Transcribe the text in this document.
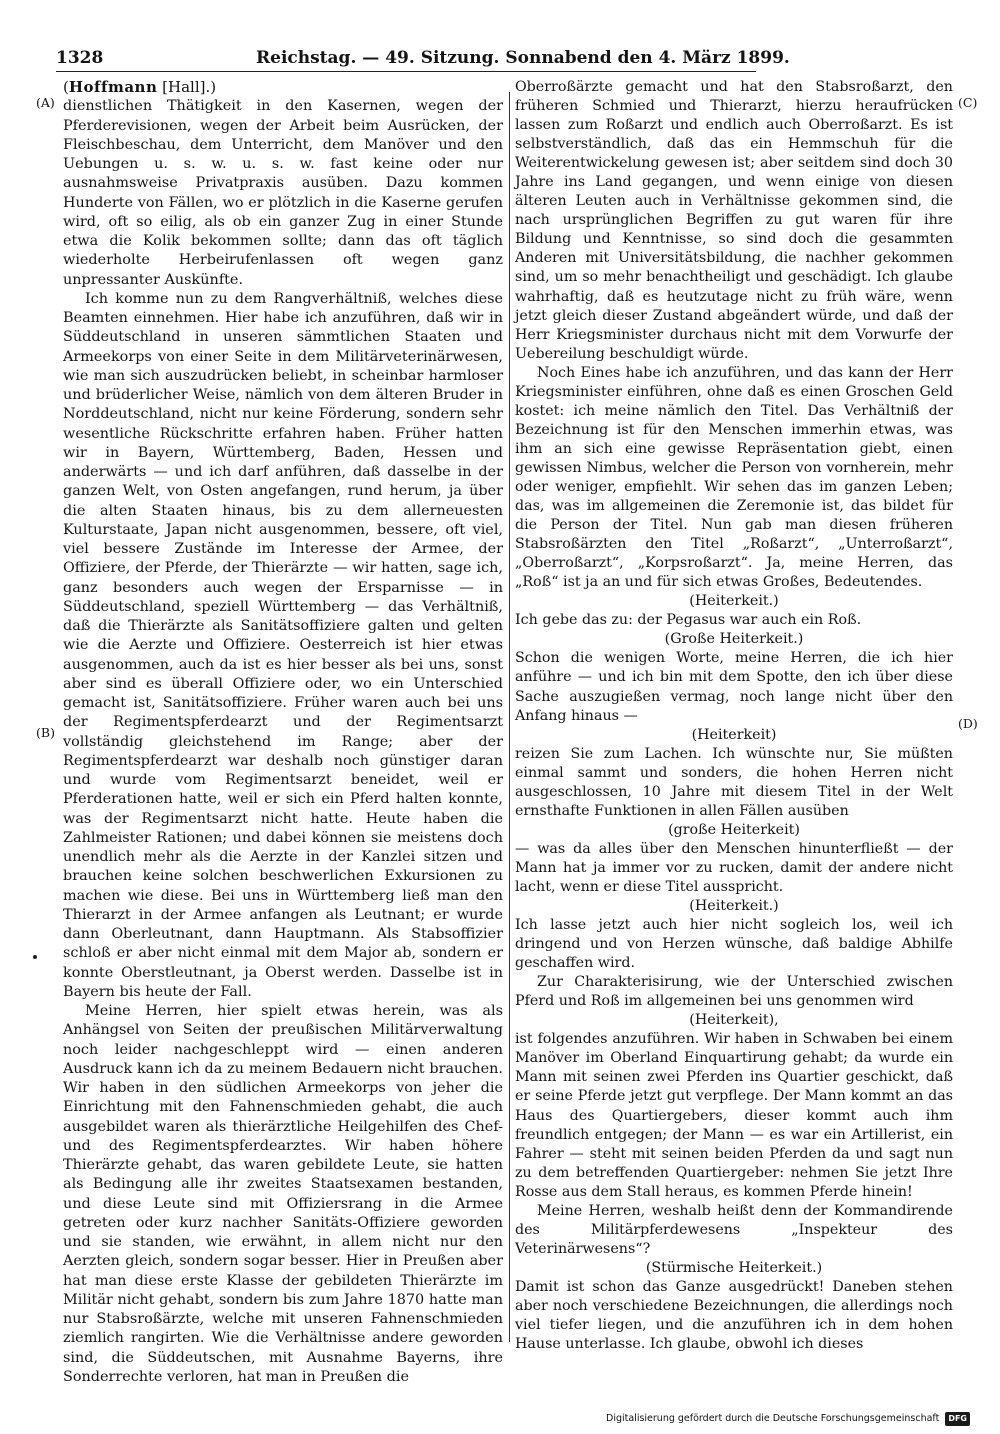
1328	Reichstag. — 49. Sitzung. Sonnabend den 4. März 1899.
(A)
(B)
(C)
(D)

(Hoffmann [Hall].)

dienstlichen Thätigkeit in den Kasernen, wegen der Pferderevisionen, wegen der Arbeit beim Ausrücken, der Fleischbeschau, dem Unterricht, dem Manöver und den Uebungen u. s. w. u. s. w. fast keine oder nur ausnahmsweise Privatpraxis ausüben. Dazu kommen Hunderte von Fällen, wo er plötzlich in die Kaserne gerufen wird, oft so eilig, als ob ein ganzer Zug in einer Stunde etwa die Kolik bekommen sollte; dann das oft täglich wiederholte Herbeirufenlassen oft wegen ganz unpressanter Auskünfte.

Ich komme nun zu dem Rangverhältniß, welches diese Beamten einnehmen. Hier habe ich anzuführen, daß wir in Süddeutschland in unseren sämmtlichen Staaten und Armeekorps von einer Seite in dem Militärveterinärwesen, wie man sich auszudrücken beliebt, in scheinbar harmloser und brüderlicher Weise, nämlich von dem älteren Bruder in Norddeutschland, nicht nur keine Förderung, sondern sehr wesentliche Rückschritte erfahren haben. Früher hatten wir in Bayern, Württemberg, Baden, Hessen und anderwärts — und ich darf anführen, daß dasselbe in der ganzen Welt, von Osten angefangen, rund herum, ja über die alten Staaten hinaus, bis zu dem allerneuesten Kulturstaate, Japan nicht ausgenommen, bessere, oft viel, viel bessere Zustände im Interesse der Armee, der Offiziere, der Pferde, der Thierärzte — wir hatten, sage ich, ganz besonders auch wegen der Ersparnisse — in Süddeutschland, speziell Württemberg — das Verhältniß, daß die Thierärzte als Sanitätsoffiziere galten und gelten wie die Aerzte und Offiziere. Oesterreich ist hier etwas ausgenommen, auch da ist es hier besser als bei uns, sonst aber sind es überall Offiziere oder, wo ein Unterschied gemacht ist, Sanitätsoffiziere. Früher waren auch bei uns der Regimentspferdearzt und der Regimentsarzt vollständig gleichstehend im Range; aber der Regimentspferdearzt war deshalb noch günstiger daran und wurde vom Regimentsarzt beneidet, weil er Pferderationen hatte, weil er sich ein Pferd halten konnte, was der Regimentsarzt nicht hatte. Heute haben die Zahlmeister Rationen; und dabei können sie meistens doch unendlich mehr als die Aerzte in der Kanzlei sitzen und brauchen keine solchen beschwerlichen Exkursionen zu machen wie diese. Bei uns in Württemberg ließ man den Thierarzt in der Armee anfangen als Leutnant; er wurde dann Oberleutnant, dann Hauptmann. Als Stabsoffizier schloß er aber nicht einmal mit dem Major ab, sondern er konnte Oberstleutnant, ja Oberst werden. Dasselbe ist in Bayern bis heute der Fall.

Meine Herren, hier spielt etwas herein, was als Anhängsel von Seiten der preußischen Militärverwaltung noch leider nachgeschleppt wird — einen anderen Ausdruck kann ich da zu meinem Bedauern nicht brauchen. Wir haben in den südlichen Armeekorps von jeher die Einrichtung mit den Fahnenschmieden gehabt, die auch ausgebildet waren als thierärztliche Heilgehilfen des Chef- und des Regimentspferdearztes. Wir haben höhere Thierärzte gehabt, das waren gebildete Leute, sie hatten als Bedingung alle ihr zweites Staatsexamen bestanden, und diese Leute sind mit Offiziersrang in die Armee getreten oder kurz nachher Sanitäts-Offiziere geworden und sie standen, wie erwähnt, in allem nicht nur den Aerzten gleich, sondern sogar besser. Hier in Preußen aber hat man diese erste Klasse der gebildeten Thierärzte im Militär nicht gehabt, sondern bis zum Jahre 1870 hatte man nur Stabsroßärzte, welche mit unseren Fahnenschmieden ziemlich rangirten. Wie die Verhältnisse andere geworden sind, die Süddeutschen, mit Ausnahme Bayerns, ihre Sonderrechte verloren, hat man in Preußen die

Oberroßärzte gemacht und hat den Stabsroßarzt, den früheren Schmied und Thierarzt, hierzu heraufrücken lassen zum Roßarzt und endlich auch Oberroßarzt. Es ist selbstverständlich, daß das ein Hemmschuh für die Weiterentwickelung gewesen ist; aber seitdem sind doch 30 Jahre ins Land gegangen, und wenn einige von diesen älteren Leuten auch in Verhältnisse gekommen sind, die nach ursprünglichen Begriffen zu gut waren für ihre Bildung und Kenntnisse, so sind doch die gesammten Anderen mit Universitätsbildung, die nachher gekommen sind, um so mehr benachtheiligt und geschädigt. Ich glaube wahrhaftig, daß es heutzutage nicht zu früh wäre, wenn jetzt gleich dieser Zustand abgeändert würde, und daß der Herr Kriegsminister durchaus nicht mit dem Vorwurfe der Uebereilung beschuldigt würde.

Noch Eines habe ich anzuführen, und das kann der Herr Kriegsminister einführen, ohne daß es einen Groschen Geld kostet: ich meine nämlich den Titel. Das Verhältniß der Bezeichnung ist für den Menschen immerhin etwas, was ihm an sich eine gewisse Repräsentation giebt, einen gewissen Nimbus, welcher die Person von vornherein, mehr oder weniger, empfiehlt. Wir sehen das im ganzen Leben; das, was im allgemeinen die Zeremonie ist, das bildet für die Person der Titel. Nun gab man diesen früheren Stabsroßärzten den Titel „Roßarzt“, „Unterroßarzt“, „Oberroßarzt“, „Korpsroßarzt“. Ja, meine Herren, das „Roß“ ist ja an und für sich etwas Großes, Bedeutendes.

(Heiterkeit.)

Ich gebe das zu: der Pegasus war auch ein Roß.

(Große Heiterkeit.)

Schon die wenigen Worte, meine Herren, die ich hier anführe — und ich bin mit dem Spotte, den ich über diese Sache auszugießen vermag, noch lange nicht über den Anfang hinaus —

(Heiterkeit)

reizen Sie zum Lachen. Ich wünschte nur, Sie müßten einmal sammt und sonders, die hohen Herren nicht ausgeschlossen, 10 Jahre mit diesem Titel in der Welt ernsthafte Funktionen in allen Fällen ausüben

(große Heiterkeit)

— was da alles über den Menschen hinunterfließt — der Mann hat ja immer vor zu rucken, damit der andere nicht lacht, wenn er diese Titel ausspricht.

(Heiterkeit.)

Ich lasse jetzt auch hier nicht sogleich los, weil ich dringend und von Herzen wünsche, daß baldige Abhilfe geschaffen wird.

Zur Charakterisirung, wie der Unterschied zwischen Pferd und Roß im allgemeinen bei uns genommen wird

(Heiterkeit),

ist folgendes anzuführen. Wir haben in Schwaben bei einem Manöver im Oberland Einquartirung gehabt; da wurde ein Mann mit seinen zwei Pferden ins Quartier geschickt, daß er seine Pferde jetzt gut verpflege. Der Mann kommt an das Haus des Quartiergebers, dieser kommt auch ihm freundlich entgegen; der Mann — es war ein Artillerist, ein Fahrer — steht mit seinen beiden Pferden da und sagt nun zu dem betreffenden Quartiergeber: nehmen Sie jetzt Ihre Rosse aus dem Stall heraus, es kommen Pferde hinein!

Meine Herren, weshalb heißt denn der Kommandirende des Militärpferdewesens „Inspekteur des Veterinärwesens“?

(Stürmische Heiterkeit.)

Damit ist schon das Ganze ausgedrückt! Daneben stehen aber noch verschiedene Bezeichnungen, die allerdings noch viel tiefer liegen, und die anzuführen ich in dem hohen Hause unterlasse. Ich glaube, obwohl ich dieses

Digitalisierung gefördert durch die Deutsche Forschungsgemeinschaft	DFG
